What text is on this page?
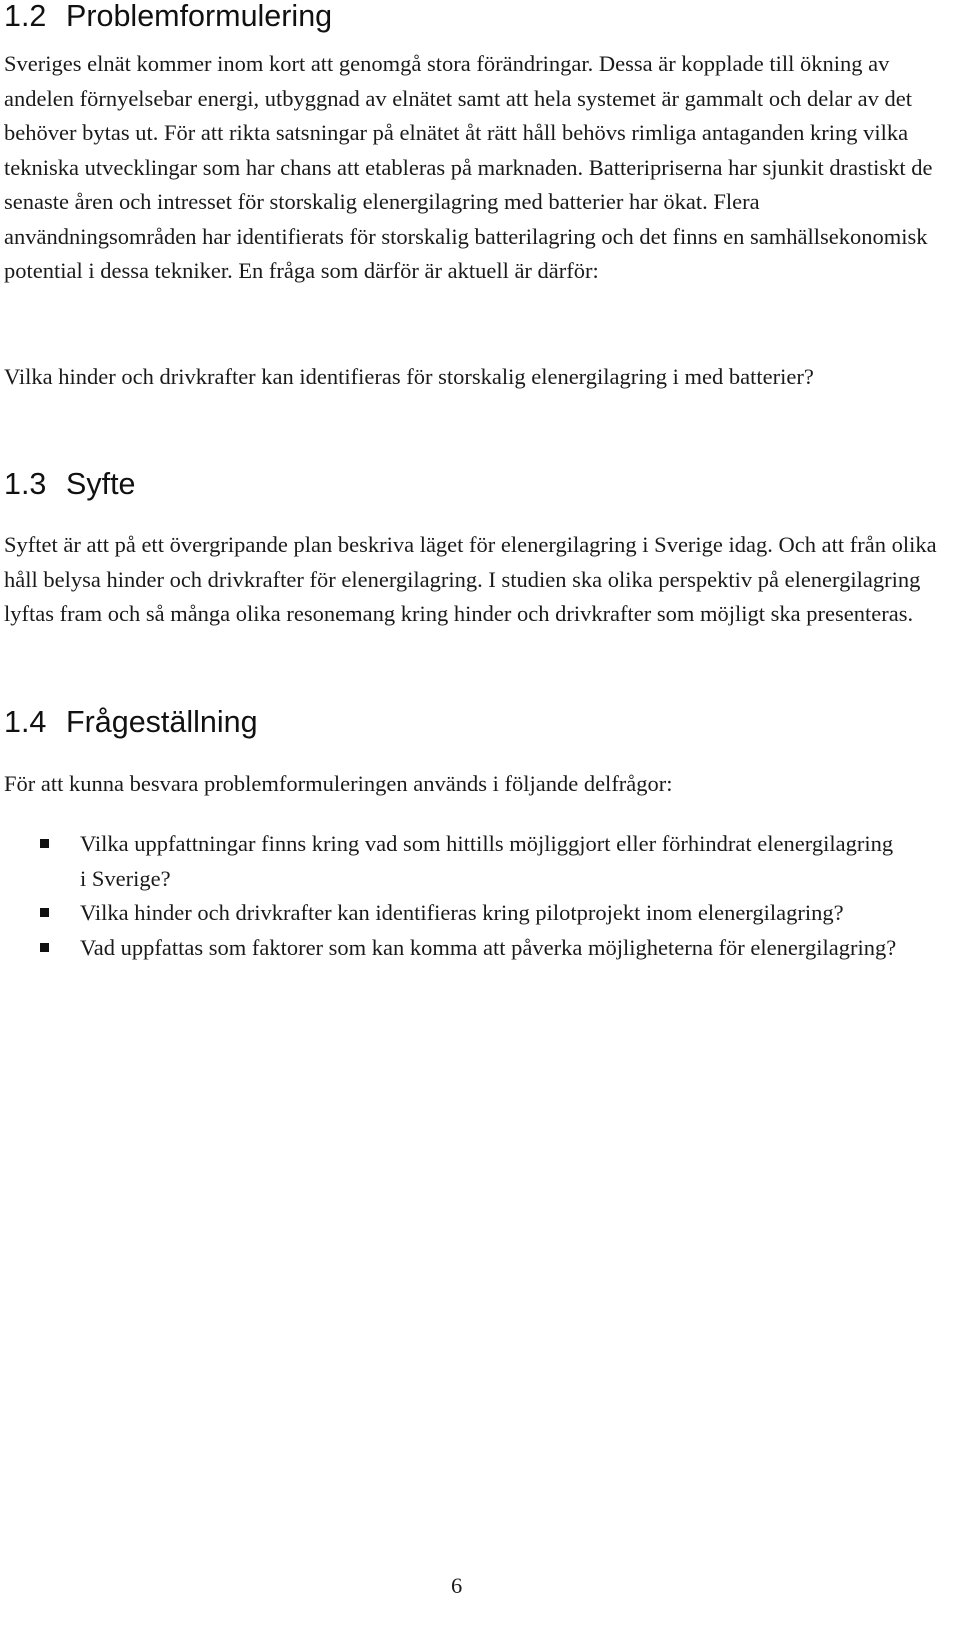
1.2 Problemformulering

Sveriges elnät kommer inom kort att genomgå stora förändringar. Dessa är kopplade till ökning av andelen förnyelsebar energi, utbyggnad av elnätet samt att hela systemet är gammalt och delar av det behöver bytas ut. För att rikta satsningar på elnätet åt rätt håll behövs rimliga antaganden kring vilka tekniska utvecklingar som har chans att etableras på marknaden. Batteripriserna har sjunkit drastiskt de senaste åren och intresset för storskalig elenergilagring med batterier har ökat. Flera användningsområden har identifierats för storskalig batterilagring och det finns en samhällsekonomisk potential i dessa tekniker. En fråga som därför är aktuell är därför:

Vilka hinder och drivkrafter kan identifieras för storskalig elenergilagring i med batterier?

1.3 Syfte

Syftet är att på ett övergripande plan beskriva läget för elenergilagring i Sverige idag. Och att från olika håll belysa hinder och drivkrafter för elenergilagring. I studien ska olika perspektiv på elenergilagring lyftas fram och så många olika resonemang kring hinder och drivkrafter som möjligt ska presenteras.

1.4 Frågeställning

För att kunna besvara problemformuleringen används i följande delfrågor:

Vilka uppfattningar finns kring vad som hittills möjliggjort eller förhindrat elenergilagring i Sverige?
Vilka hinder och drivkrafter kan identifieras kring pilotprojekt inom elenergilagring?
Vad uppfattas som faktorer som kan komma att påverka möjligheterna för elenergilagring?
6
